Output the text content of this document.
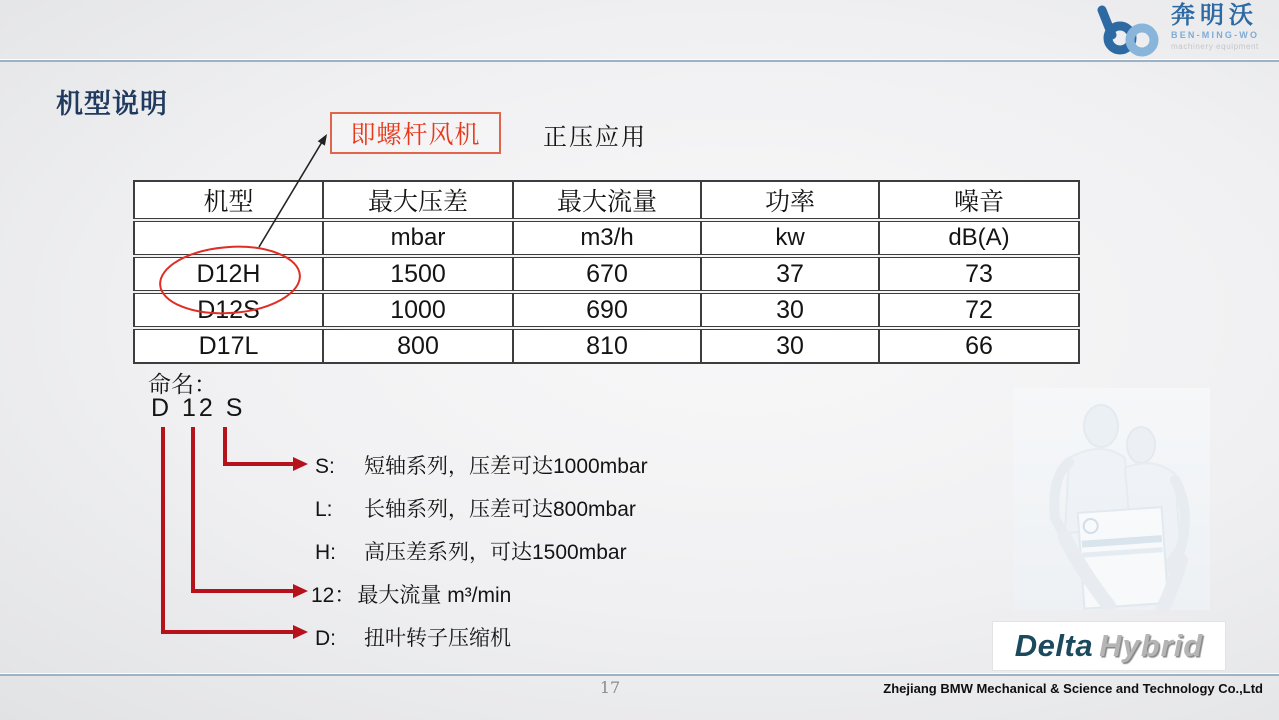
奔明沃
BEN-MING-WO
machinery equipment
机型说明
即螺杆风机	正压应用
机型	最大压差	最大流量	功率	噪音
	mbar	m3/h	kw	dB(A)
D12H	1500	670	37	73
D12S	1000	690	30	72
D17L	800	810	30	66
命名：
D 12 S
S: 短轴系列，压差可达1000mbar
L: 长轴系列，压差可达800mbar
H: 高压差系列，可达1500mbar
12：最大流量 m³/min
D: 扭叶转子压缩机	Delta Hybrid
17	Zhejiang BMW Mechanical & Science and Technology Co.,Ltd
